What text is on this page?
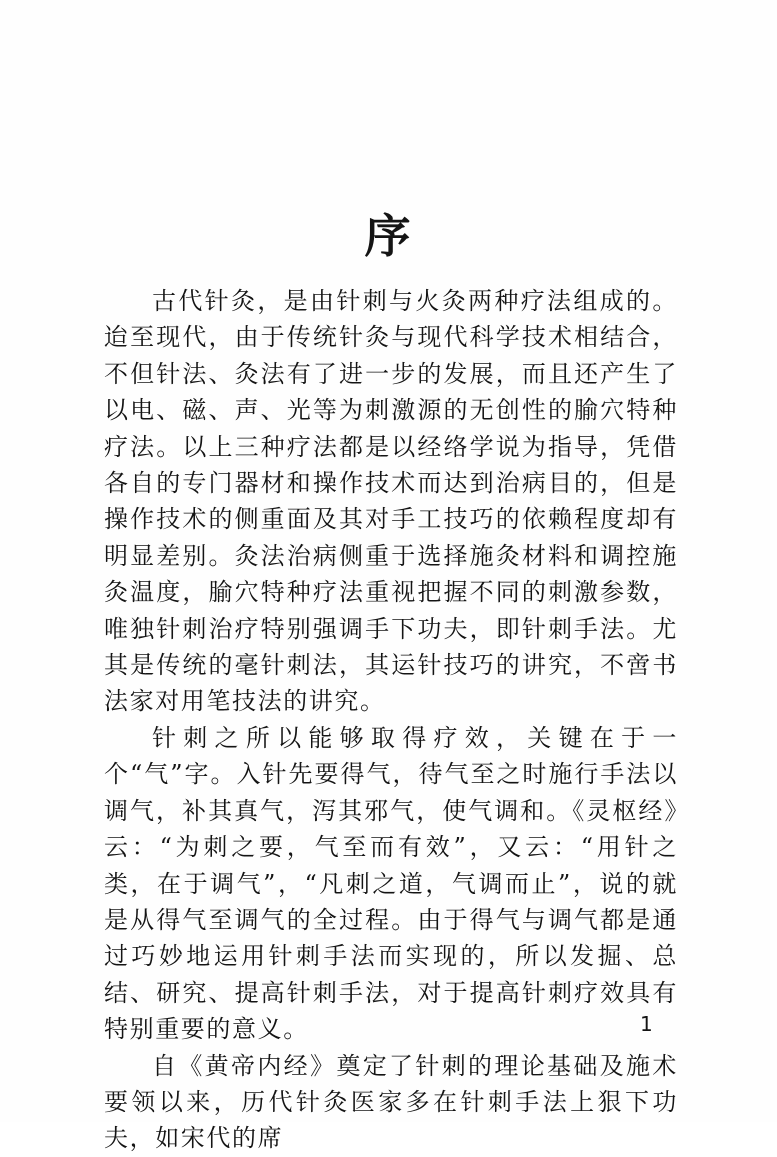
序

古代针灸，是由针刺与火灸两种疗法组成的。迨至现代，由于传统针灸与现代科学技术相结合，不但针法、灸法有了进一步的发展，而且还产生了以电、磁、声、光等为刺激源的无创性的腧穴特种疗法。以上三种疗法都是以经络学说为指导，凭借各自的专门器材和操作技术而达到治病目的，但是操作技术的侧重面及其对手工技巧的依赖程度却有明显差别。灸法治病侧重于选择施灸材料和调控施灸温度，腧穴特种疗法重视把握不同的刺激参数，唯独针刺治疗特别强调手下功夫，即针刺手法。尤其是传统的毫针刺法，其运针技巧的讲究，不啻书法家对用笔技法的讲究。

针刺之所以能够取得疗效，关键在于一个“气”字。入针先要得气，待气至之时施行手法以调气，补其真气，泻其邪气，使气调和。《灵枢经》云：“为刺之要，气至而有效”，又云：“用针之类，在于调气”，“凡刺之道，气调而止”，说的就是从得气至调气的全过程。由于得气与调气都是通过巧妙地运用针刺手法而实现的，所以发掘、总结、研究、提高针刺手法，对于提高针刺疗效具有特别重要的意义。

自《黄帝内经》奠定了针刺的理论基础及施术要领以来，历代针灸医家多在针刺手法上狠下功夫，如宋代的席

1
